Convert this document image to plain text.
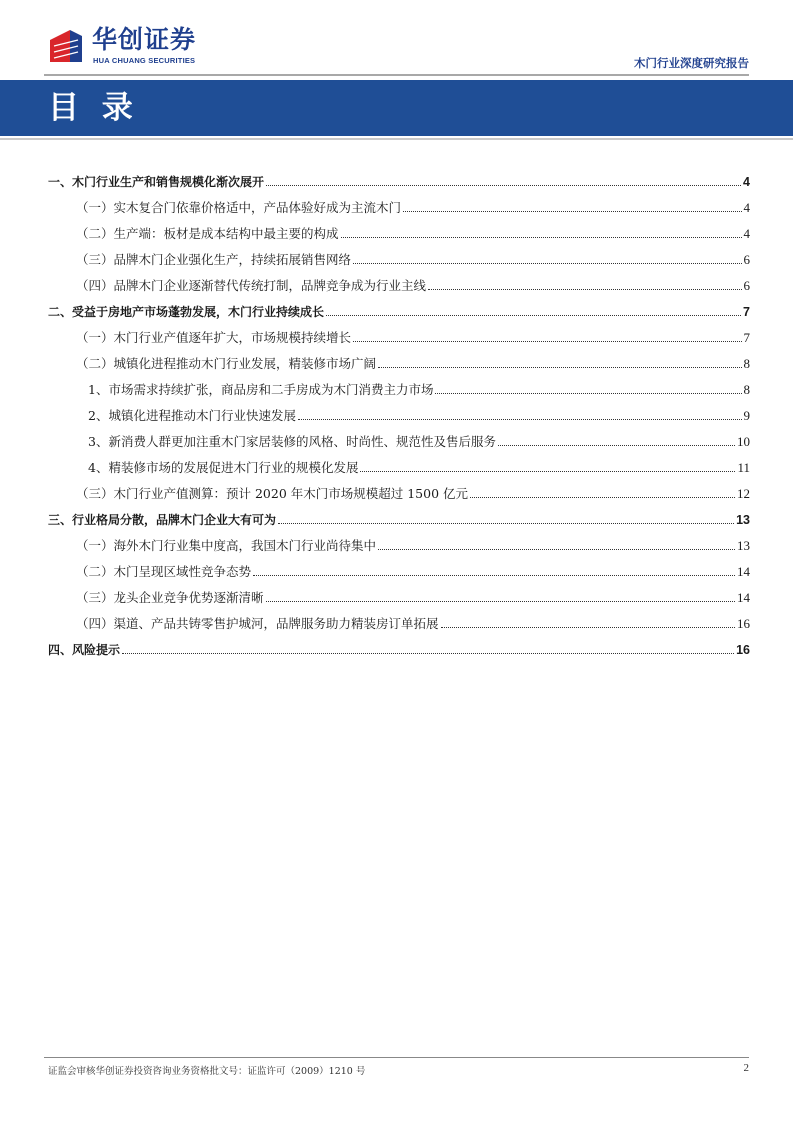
华创证券
HUA CHUANG SECURITIES	木门行业深度研究报告
目 录
一、木门行业生产和销售规模化渐次展开	4
（一）实木复合门依靠价格适中，产品体验好成为主流木门	4
（二）生产端：板材是成本结构中最主要的构成	4
（三）品牌木门企业强化生产，持续拓展销售网络	6
（四）品牌木门企业逐渐替代传统打制，品牌竞争成为行业主线	6
二、受益于房地产市场蓬勃发展，木门行业持续成长	7
（一）木门行业产值逐年扩大，市场规模持续增长	7
（二）城镇化进程推动木门行业发展，精装修市场广阔	8
1、市场需求持续扩张，商品房和二手房成为木门消费主力市场	8
2、城镇化进程推动木门行业快速发展	9
3、新消费人群更加注重木门家居装修的风格、时尚性、规范性及售后服务	10
4、精装修市场的发展促进木门行业的规模化发展	11
（三）木门行业产值测算：预计 2020 年木门市场规模超过 1500 亿元	12
三、行业格局分散，品牌木门企业大有可为	13
（一）海外木门行业集中度高，我国木门行业尚待集中	13
（二）木门呈现区域性竞争态势	14
（三）龙头企业竞争优势逐渐清晰	14
（四）渠道、产品共铸零售护城河，品牌服务助力精装房订单拓展	16
四、风险提示	16
证监会审核华创证券投资咨询业务资格批文号：证监许可（2009）1210 号	2
